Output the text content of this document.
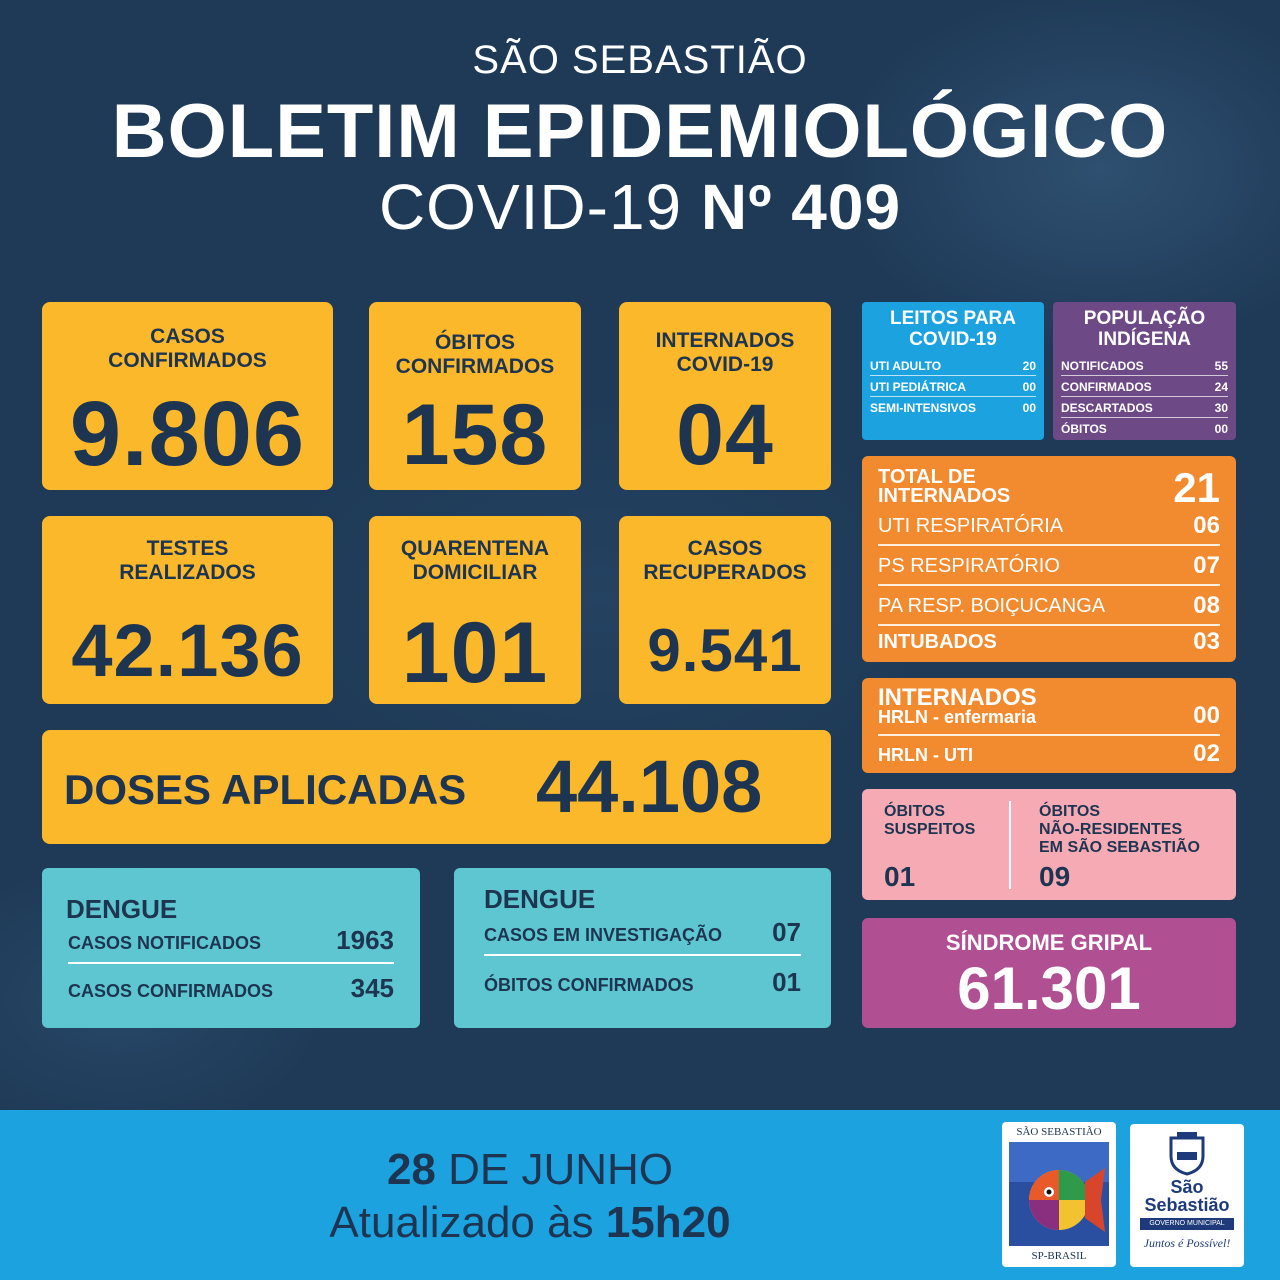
SÃO SEBASTIÃO
BOLETIM EPIDEMIOLÓGICO
COVID-19 Nº 409
CASOS
CONFIRMADOS
9.806
ÓBITOS
CONFIRMADOS
158
INTERNADOS
COVID-19
04
TESTES
REALIZADOS
42.136
QUARENTENA
DOMICILIAR
101
CASOS
RECUPERADOS
9.541
DOSES APLICADAS 44.108
LEITOS PARA
COVID-19
UTI ADULTO	20
UTI PEDIÁTRICA	00
SEMI-INTENSIVOS	00
POPULAÇÃO
INDÍGENA
NOTIFICADOS	55
CONFIRMADOS	24
DESCARTADOS	30
ÓBITOS	00
TOTAL DE
INTERNADOS	21
UTI RESPIRATÓRIA	06
PS RESPIRATÓRIO	07
PA RESP. BOIÇUCANGA	08
INTUBADOS	03
INTERNADOS
HRLN - enfermaria	00
HRLN - UTI	02
ÓBITOS
SUSPEITOS
01
ÓBITOS
NÃO-RESIDENTES
EM SÃO SEBASTIÃO
09
DENGUE
CASOS NOTIFICADOS	1963
CASOS CONFIRMADOS	345
DENGUE
CASOS EM INVESTIGAÇÃO 07
ÓBITOS CONFIRMADOS	01
SÍNDROME GRIPAL
61.301
28 DE JUNHO
Atualizado às 15h20
SÃO SEBASTIÃO
SP-BRASIL
São
Sebastião
GOVERNO MUNICIPAL
Juntos é Possível!
